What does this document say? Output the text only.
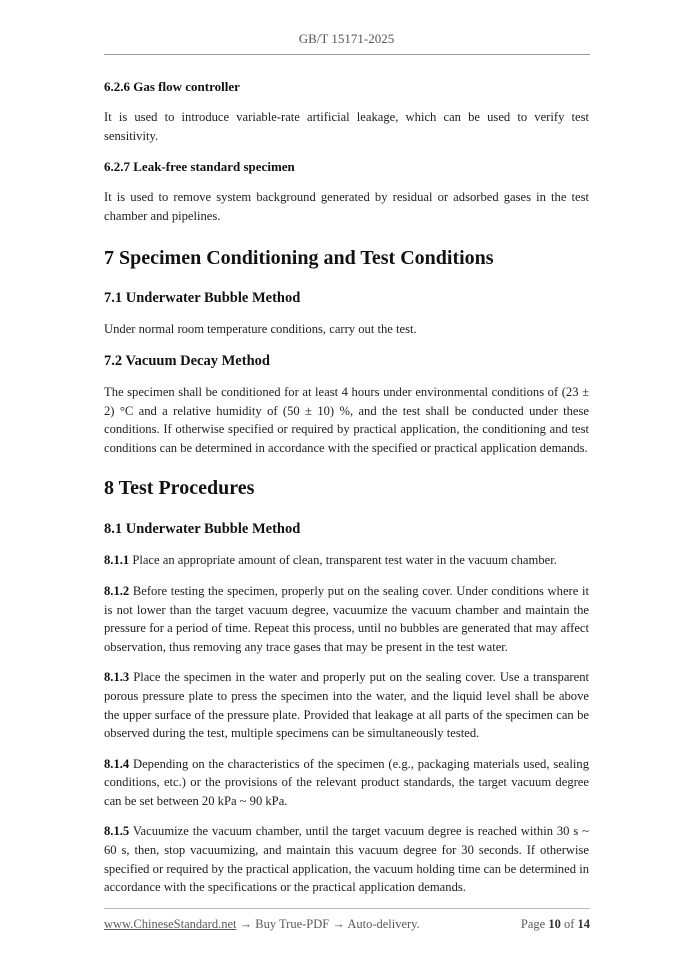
GB/T 15171-2025

6.2.6 Gas flow controller

It is used to introduce variable-rate artificial leakage, which can be used to verify test sensitivity.

6.2.7 Leak-free standard specimen

It is used to remove system background generated by residual or adsorbed gases in the test chamber and pipelines.

7 Specimen Conditioning and Test Conditions

7.1 Underwater Bubble Method

Under normal room temperature conditions, carry out the test.

7.2 Vacuum Decay Method

The specimen shall be conditioned for at least 4 hours under environmental conditions of (23 ± 2) °C and a relative humidity of (50 ± 10) %, and the test shall be conducted under these conditions. If otherwise specified or required by practical application, the conditioning and test conditions can be determined in accordance with the specified or practical application demands.

8 Test Procedures

8.1 Underwater Bubble Method

8.1.1 Place an appropriate amount of clean, transparent test water in the vacuum chamber.

8.1.2 Before testing the specimen, properly put on the sealing cover. Under conditions where it is not lower than the target vacuum degree, vacuumize the vacuum chamber and maintain the pressure for a period of time. Repeat this process, until no bubbles are generated that may affect observation, thus removing any trace gases that may be present in the test water.

8.1.3 Place the specimen in the water and properly put on the sealing cover. Use a transparent porous pressure plate to press the specimen into the water, and the liquid level shall be above the upper surface of the pressure plate. Provided that leakage at all parts of the specimen can be observed during the test, multiple specimens can be simultaneously tested.

8.1.4 Depending on the characteristics of the specimen (e.g., packaging materials used, sealing conditions, etc.) or the provisions of the relevant product standards, the target vacuum degree can be set between 20 kPa ~ 90 kPa.

8.1.5 Vacuumize the vacuum chamber, until the target vacuum degree is reached within 30 s ~ 60 s, then, stop vacuumizing, and maintain this vacuum degree for 30 seconds. If otherwise specified or required by the practical application, the vacuum holding time can be determined in accordance with the specifications or the practical application demands.

www.ChineseStandard.net → Buy True-PDF → Auto-delivery.	Page 10 of 14
